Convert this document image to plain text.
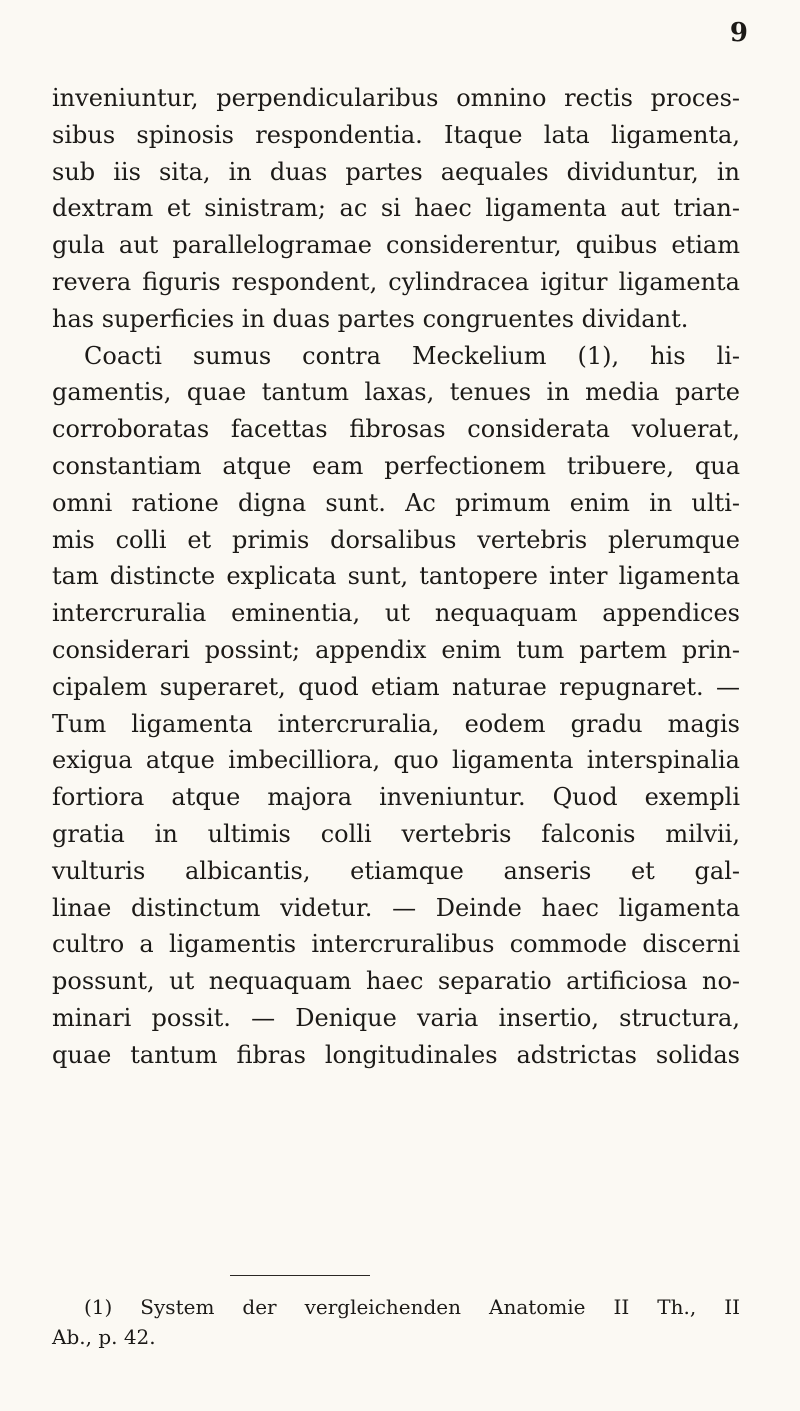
9
inveniuntur, perpendicularibus omnino rectis proces-
sibus spinosis respondentia. Itaque lata ligamenta,
sub iis sita, in duas partes aequales dividuntur, in
dextram et sinistram; ac si haec ligamenta aut trian-
gula aut parallelogramae considerentur, quibus etiam
revera figuris respondent, cylindracea igitur ligamenta
has superficies in duas partes congruentes dividant.
Coacti sumus contra Meckelium (1), his li-
gamentis, quae tantum laxas, tenues in media parte
corroboratas facettas fibrosas considerata voluerat,
constantiam atque eam perfectionem tribuere, qua
omni ratione digna sunt. Ac primum enim in ulti-
mis colli et primis dorsalibus vertebris plerumque
tam distincte explicata sunt, tantopere inter ligamenta
intercruralia eminentia, ut nequaquam appendices
considerari possint; appendix enim tum partem prin-
cipalem superaret, quod etiam naturae repugnaret. —
Tum ligamenta intercruralia, eodem gradu magis
exigua atque imbecilliora, quo ligamenta interspinalia
fortiora atque majora inveniuntur. Quod exempli
gratia in ultimis colli vertebris falconis milvii,
vulturis albicantis, etiamque anseris et gal-
linae distinctum videtur. — Deinde haec ligamenta
cultro a ligamentis intercruralibus commode discerni
possunt, ut nequaquam haec separatio artificiosa no-
minari possit. — Denique varia insertio, structura,
quae tantum fibras longitudinales adstrictas solidas
(1) System der vergleichenden Anatomie II Th., II
Ab., p. 42.
